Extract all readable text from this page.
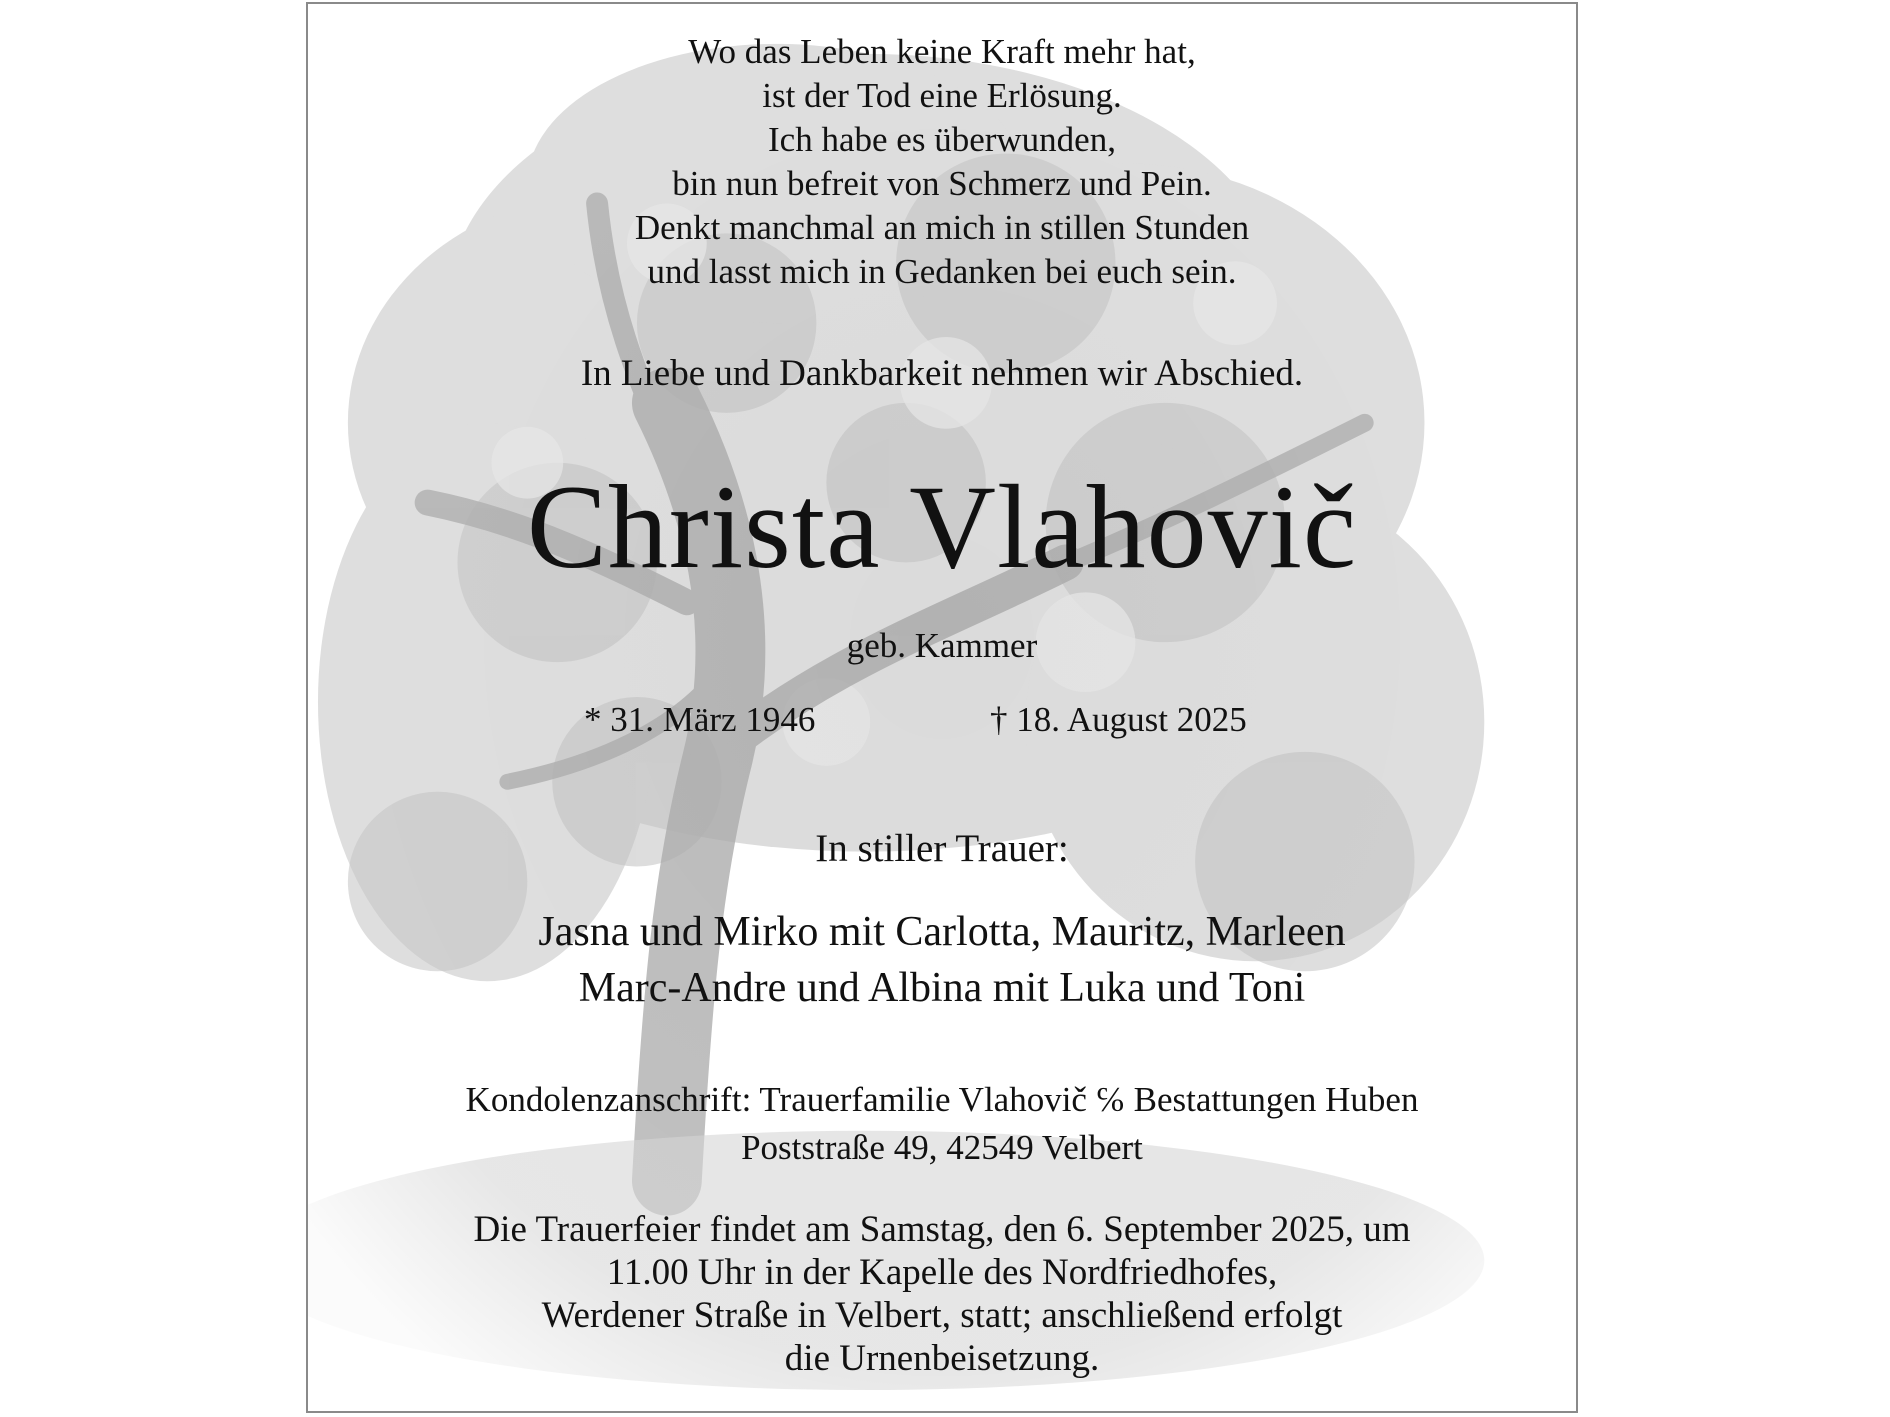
Wo das Leben keine Kraft mehr hat,
ist der Tod eine Erlösung.
Ich habe es überwunden,
bin nun befreit von Schmerz und Pein.
Denkt manchmal an mich in stillen Stunden
und lasst mich in Gedanken bei euch sein.
In Liebe und Dankbarkeit nehmen wir Abschied.
Christa Vlahovič
geb. Kammer
* 31. März 1946	† 18. August 2025
In stiller Trauer:
Jasna und Mirko mit Carlotta, Mauritz, Marleen
Marc-Andre und Albina mit Luka und Toni
Kondolenzanschrift: Trauerfamilie Vlahovič ℅ Bestattungen Huben
Poststraße 49, 42549 Velbert
Die Trauerfeier findet am Samstag, den 6. September 2025, um
11.00 Uhr in der Kapelle des Nordfriedhofes,
Werdener Straße in Velbert, statt; anschließend erfolgt
die Urnenbeisetzung.
